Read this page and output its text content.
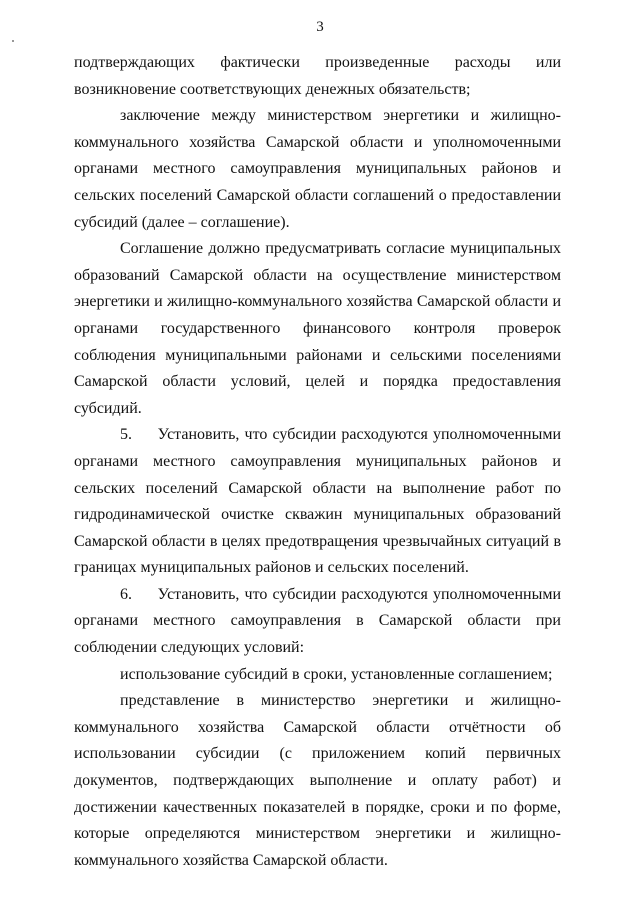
3

подтверждающих фактически произведенные расходы или возникновение соответствующих денежных обязательств;

заключение между министерством энергетики и жилищно-коммунального хозяйства Самарской области и уполномоченными органами местного самоуправления муниципальных районов и сельских поселений Самарской области соглашений о предоставлении субсидий (далее – соглашение).

Соглашение должно предусматривать согласие муниципальных образований Самарской области на осуществление министерством энергетики и жилищно-коммунального хозяйства Самарской области и органами государственного финансового контроля проверок соблюдения муниципальными районами и сельскими поселениями Самарской области условий, целей и порядка предоставления субсидий.

5.     Установить, что субсидии расходуются уполномоченными органами местного самоуправления муниципальных районов и сельских поселений Самарской области на выполнение работ по гидродинамической очистке скважин муниципальных образований Самарской области в целях предотвращения чрезвычайных ситуаций в границах муниципальных районов и сельских поселений.

6.     Установить, что субсидии расходуются уполномоченными органами местного самоуправления в Самарской области при соблюдении следующих условий:

использование субсидий в сроки, установленные соглашением;

представление в министерство энергетики и жилищно-коммунального хозяйства Самарской области отчётности об использовании субсидии (с приложением копий первичных документов, подтверждающих выполнение и оплату работ) и достижении качественных показателей в порядке, сроки и по форме, которые определяются министерством энергетики и жилищно-коммунального хозяйства Самарской области.
